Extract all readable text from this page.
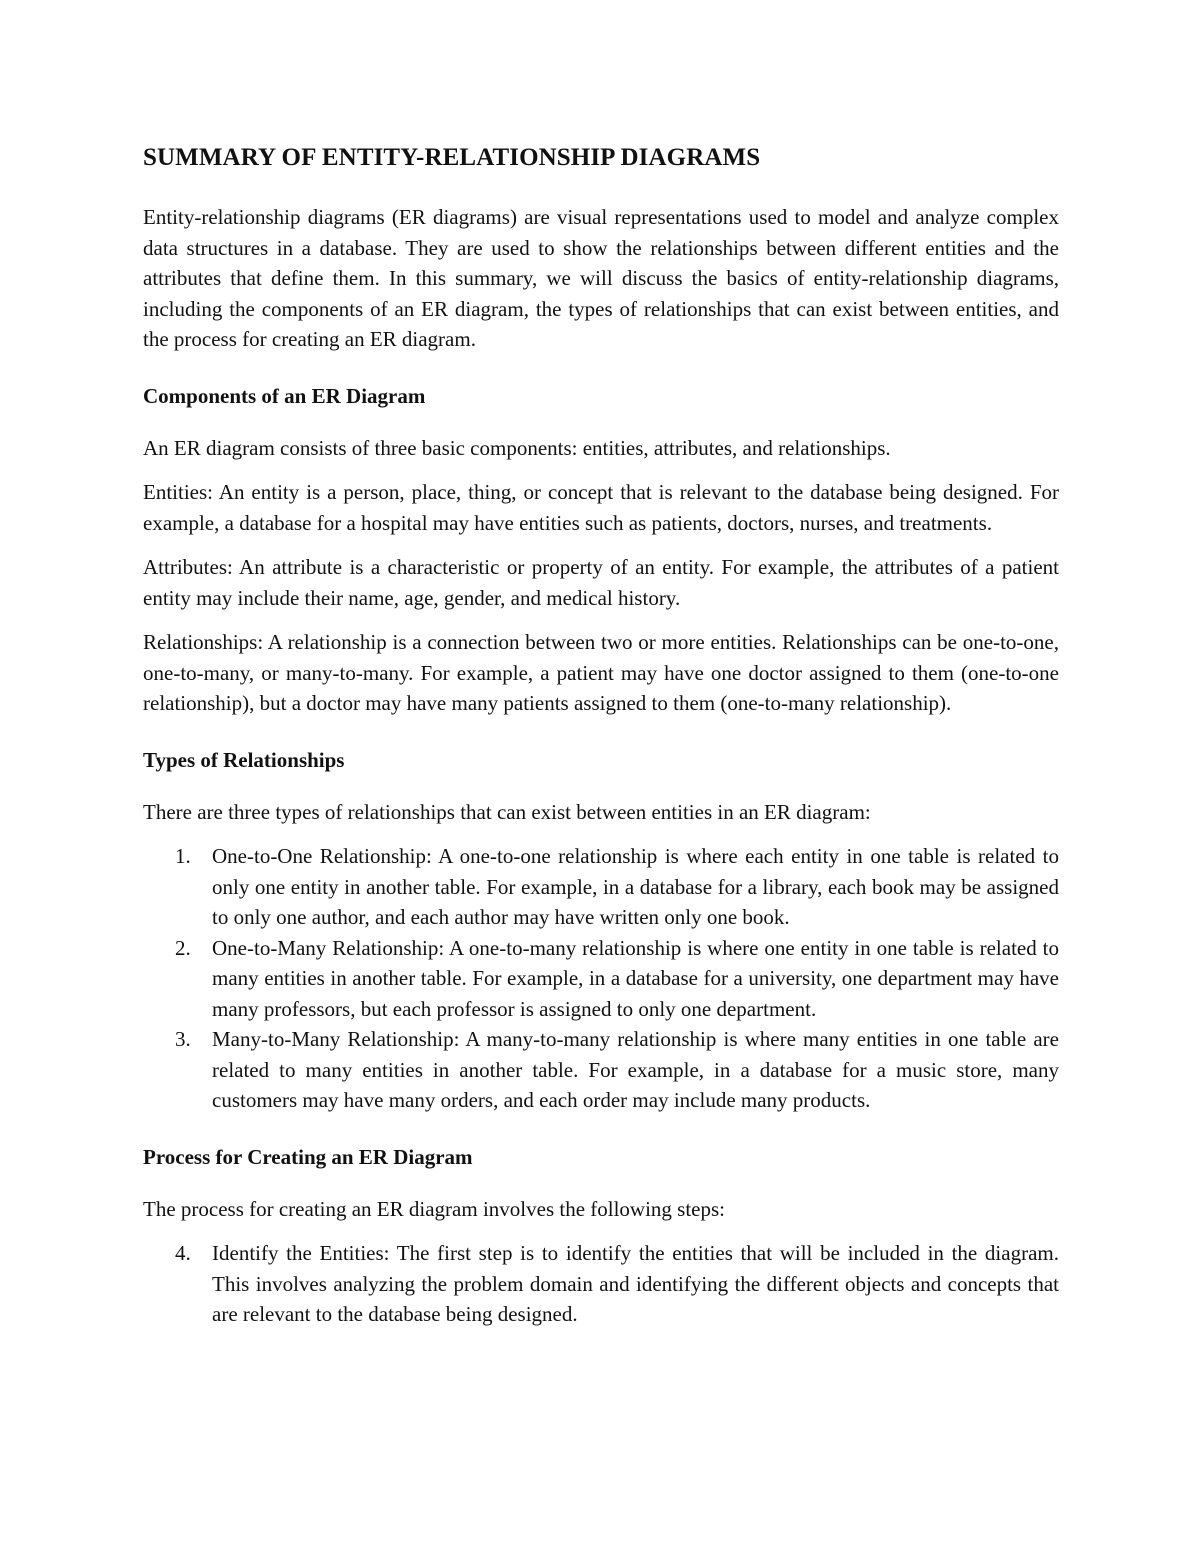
SUMMARY OF ENTITY-RELATIONSHIP DIAGRAMS

Entity-relationship diagrams (ER diagrams) are visual representations used to model and analyze complex data structures in a database. They are used to show the relationships between different entities and the attributes that define them. In this summary, we will discuss the basics of entity-relationship diagrams, including the components of an ER diagram, the types of relationships that can exist between entities, and the process for creating an ER diagram.

Components of an ER Diagram

An ER diagram consists of three basic components: entities, attributes, and relationships.

Entities: An entity is a person, place, thing, or concept that is relevant to the database being designed. For example, a database for a hospital may have entities such as patients, doctors, nurses, and treatments.

Attributes: An attribute is a characteristic or property of an entity. For example, the attributes of a patient entity may include their name, age, gender, and medical history.

Relationships: A relationship is a connection between two or more entities. Relationships can be one-to-one, one-to-many, or many-to-many. For example, a patient may have one doctor assigned to them (one-to-one relationship), but a doctor may have many patients assigned to them (one-to-many relationship).

Types of Relationships

There are three types of relationships that can exist between entities in an ER diagram:

1. One-to-One Relationship: A one-to-one relationship is where each entity in one table is related to only one entity in another table. For example, in a database for a library, each book may be assigned to only one author, and each author may have written only one book.
2. One-to-Many Relationship: A one-to-many relationship is where one entity in one table is related to many entities in another table. For example, in a database for a university, one department may have many professors, but each professor is assigned to only one department.
3. Many-to-Many Relationship: A many-to-many relationship is where many entities in one table are related to many entities in another table. For example, in a database for a music store, many customers may have many orders, and each order may include many products.
Process for Creating an ER Diagram

The process for creating an ER diagram involves the following steps:

4. Identify the Entities: The first step is to identify the entities that will be included in the diagram. This involves analyzing the problem domain and identifying the different objects and concepts that are relevant to the database being designed.
